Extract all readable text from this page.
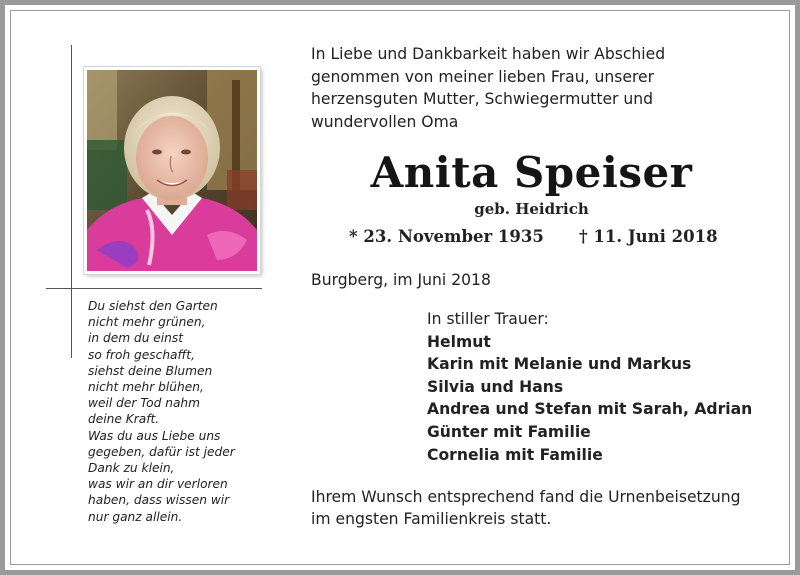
Du siehst den Garten
nicht mehr grünen,
in dem du einst
so froh geschafft,
siehst deine Blumen
nicht mehr blühen,
weil der Tod nahm
deine Kraft.
Was du aus Liebe uns
gegeben, dafür ist jeder
Dank zu klein,
was wir an dir verloren
haben, dass wissen wir
nur ganz allein.
In Liebe und Dankbarkeit haben wir Abschied
genommen von meiner lieben Frau, unserer
herzensguten Mutter, Schwiegermutter und
wundervollen Oma
Anita Speiser
geb. Heidrich
* 23. November 1935 † 11. Juni 2018
Burgberg, im Juni 2018
In stiller Trauer:
Helmut
Karin mit Melanie und Markus
Silvia und Hans
Andrea und Stefan mit Sarah, Adrian
Günter mit Familie
Cornelia mit Familie
Ihrem Wunsch entsprechend fand die Urnenbeisetzung
im engsten Familienkreis statt.
